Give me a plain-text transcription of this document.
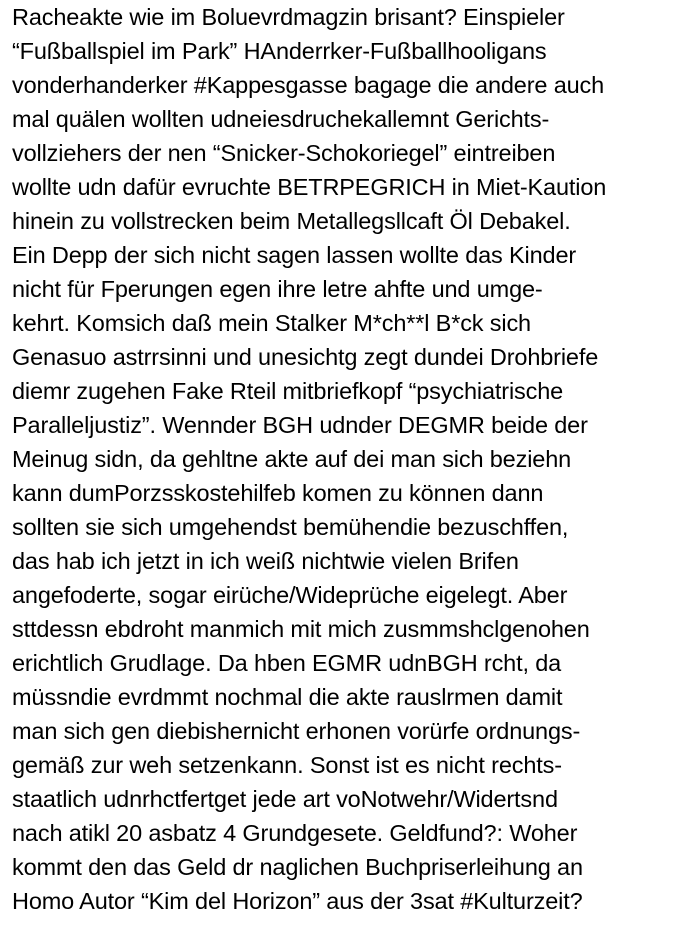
Racheakte wie im Boluevrdmagzin brisant? Einspieler
“Fußballspiel im Park” HAnderrker-Fußballhooligans
vonderhanderker #Kappesgasse bagage die andere auch
mal quälen wollten udneiesdruchekallemnt Gerichts-
vollziehers der nen “Snicker-Schokoriegel” eintreiben
wollte udn dafür evruchte BETRPEGRICH in Miet-Kaution
hinein zu vollstrecken beim Metallegsllcaft Öl Debakel.
Ein Depp der sich nicht sagen lassen wollte das Kinder
nicht für Fperungen egen ihre letre ahfte und umge-
kehrt. Komsich daß mein Stalker M*ch**l B*ck sich
Genasuo astrrsinni und unesichtg zegt dundei Drohbriefe
diemr zugehen Fake Rteil mitbriefkopf “psychiatrische
Paralleljustiz”. Wennder BGH udnder DEGMR beide der
Meinug sidn, da gehltne akte auf dei man sich beziehn
kann dumPorzsskostehilfeb komen zu können dann
sollten sie sich umgehendst bemühendie bezuschffen,
das hab ich jetzt in ich weiß nichtwie vielen Brifen
angefoderte, sogar eirüche/Wideprüche eigelegt. Aber
sttdessn ebdroht manmich mit mich zusmmshclgenohen
erichtlich Grudlage. Da hben EGMR udnBGH rcht, da
müssndie evrdmmt nochmal die akte rauslrmen damit
man sich gen diebishernicht erhonen vorürfe ordnungs-
gemäß zur weh setzenkann. Sonst ist es nicht rechts-
staatlich udnrhctfertget jede art voNotwehr/Widertsnd
nach atikl 20 asbatz 4 Grundgesete. Geldfund?: Woher
kommt den das Geld dr naglichen Buchpriserleihung an
Homo Autor “Kim del Horizon” aus der 3sat #Kulturzeit?
